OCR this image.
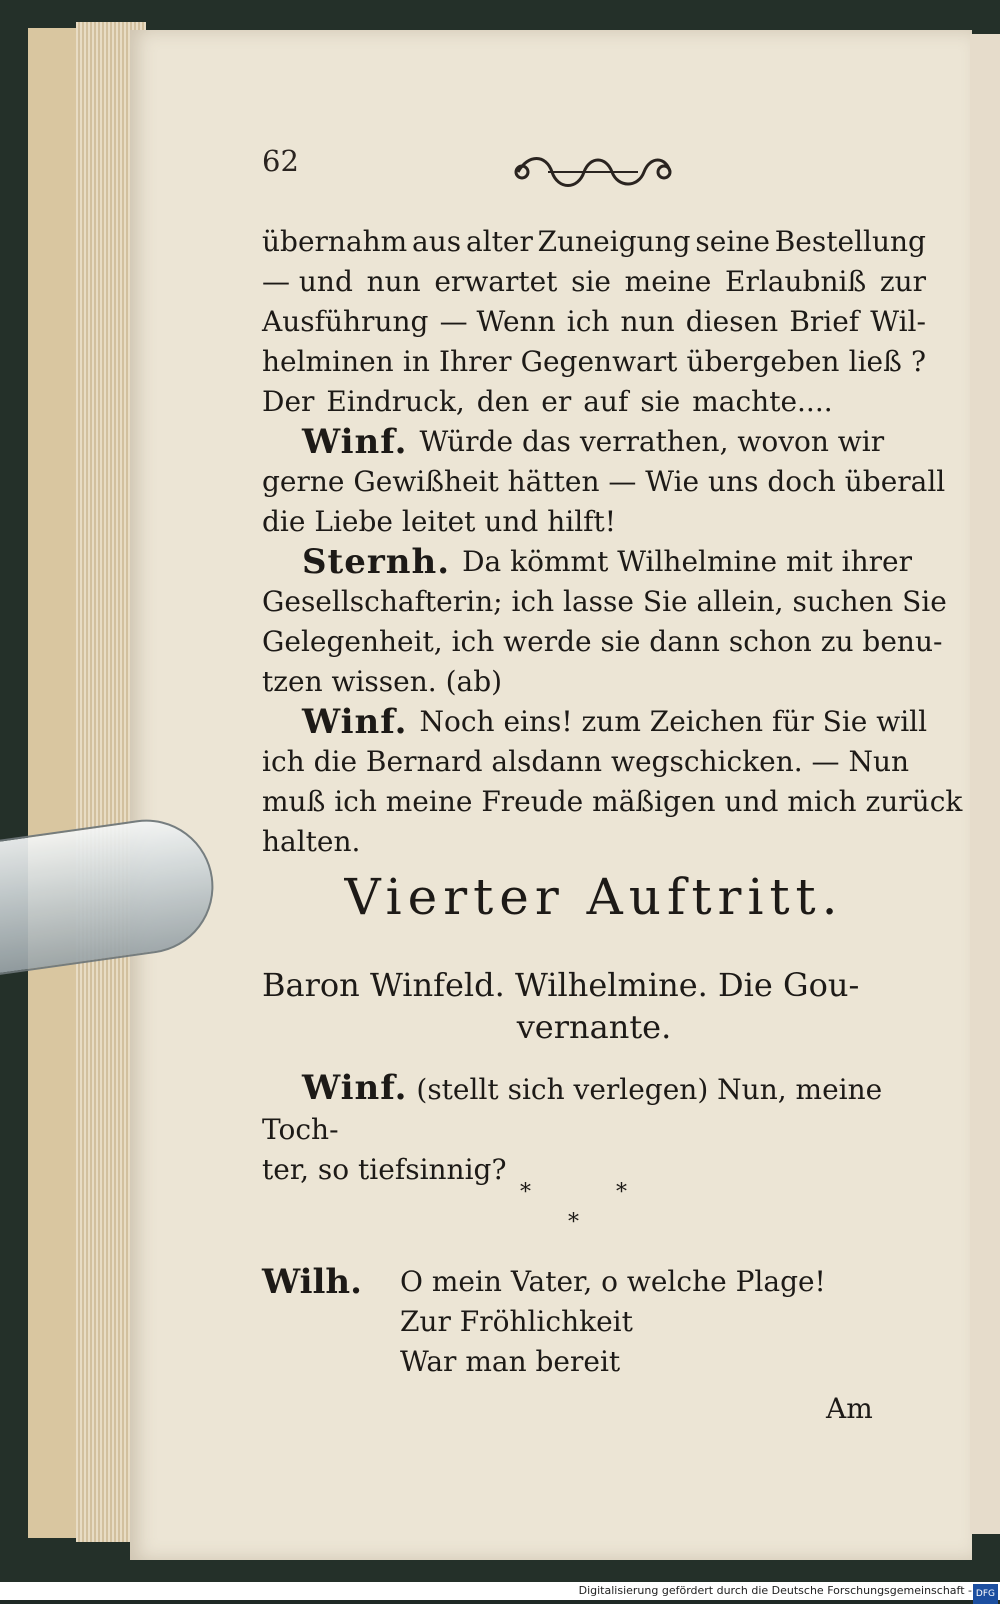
62
übernahm aus alter Zuneigung seine Bestellung
— und nun erwartet sie meine Erlaubniß zur
Ausführung — Wenn ich nun diesen Brief Wil-
helminen in Ihrer Gegenwart übergeben ließ ?
Der Eindruck, den er auf sie machte....
Winf. Würde das verrathen, wovon wir
gerne Gewißheit hätten — Wie uns doch überall
die Liebe leitet und hilft!
Sternh. Da kömmt Wilhelmine mit ihrer
Gesellschafterin; ich lasse Sie allein, suchen Sie
Gelegenheit, ich werde sie dann schon zu benu-
tzen wissen. (ab)
Winf. Noch eins! zum Zeichen für Sie will
ich die Bernard alsdann wegschicken. — Nun
muß ich meine Freude mäßigen und mich zurück
halten.
Vierter Auftritt.
Baron Winfeld. Wilhelmine. Die Gou-
vernante.
Winf. (stellt sich verlegen) Nun, meine Toch-
ter, so tiefsinnig?
*	*
*
Wilh. O mein Vater, o welche Plage!
Zur Fröhlichkeit
War man bereit
Am
Digitalisierung gefördert durch die Deutsche Forschungsgemeinschaft - DFG
